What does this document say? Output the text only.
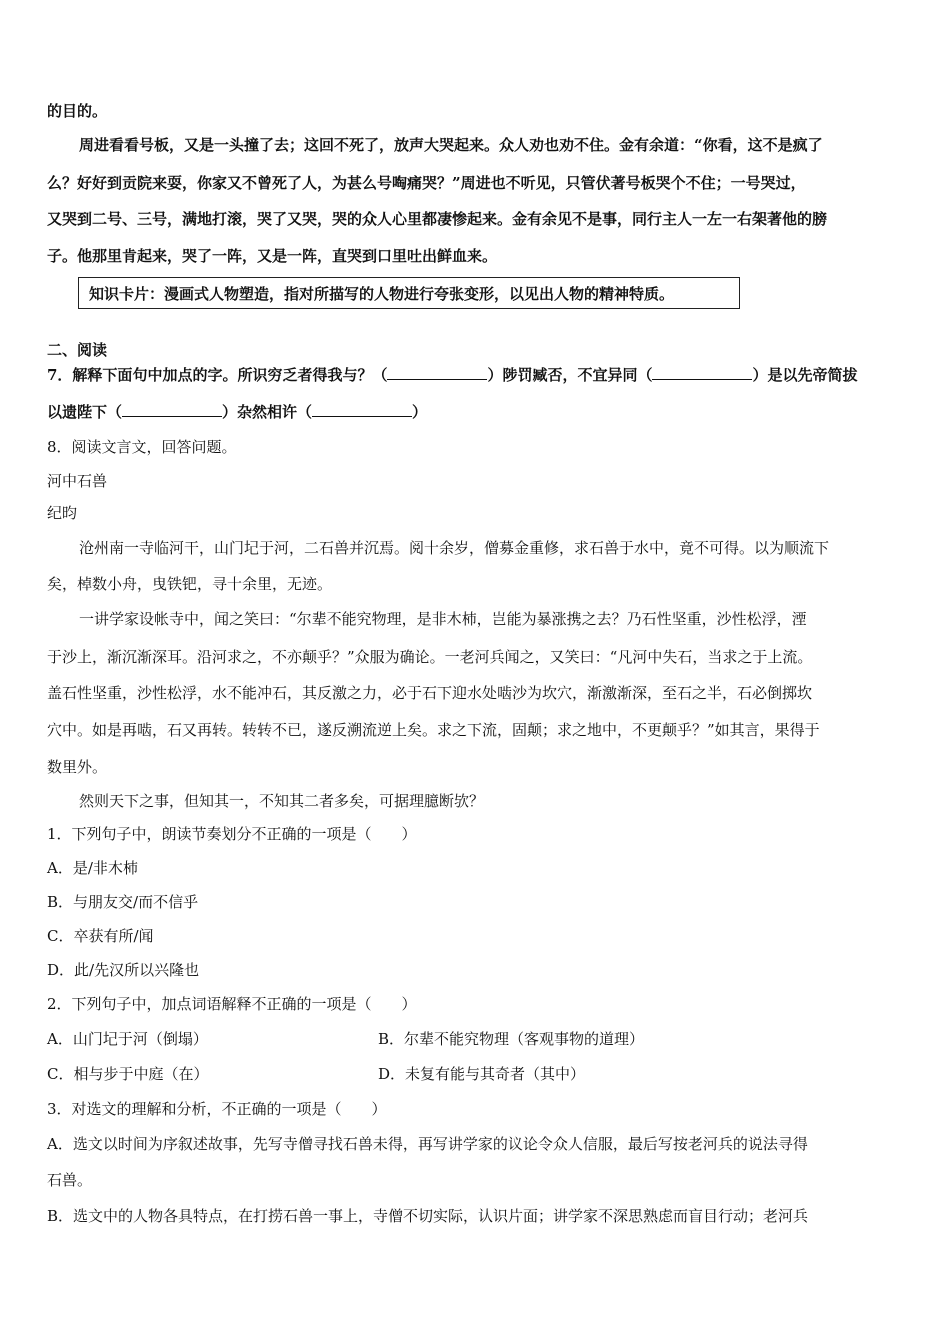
的目的。
周进看看号板，又是一头撞了去；这回不死了，放声大哭起来。众人劝也劝不住。金有余道：“你看，这不是疯了
么？好好到贡院来耍，你家又不曾死了人，为甚么号啕痛哭？”周进也不听见，只管伏著号板哭个不住；一号哭过，
又哭到二号、三号，满地打滚，哭了又哭，哭的众人心里都凄惨起来。金有余见不是事，同行主人一左一右架著他的膀
子。他那里肯起来，哭了一阵，又是一阵，直哭到口里吐出鲜血来。
知识卡片：漫画式人物塑造，指对所描写的人物进行夸张变形，以见出人物的精神特质。
二、阅读
7．解释下面句中加点的字。所识穷乏者得我与？（	）陟罚臧否，不宜异同（	）是以先帝简拔
以遗陛下（	）杂然相许（	）
8．阅读文言文，回答问题。
河中石兽
纪昀
沧州南一寺临河干，山门圮于河，二石兽并沉焉。阅十余岁，僧募金重修，求石兽于水中，竟不可得。以为顺流下
矣，棹数小舟，曳铁钯，寻十余里，无迹。
一讲学家设帐寺中，闻之笑曰：“尔辈不能究物理，是非木杮，岂能为暴涨携之去？乃石性坚重，沙性松浮，湮
于沙上，渐沉渐深耳。沿河求之，不亦颠乎？”众服为确论。一老河兵闻之，又笑曰：“凡河中失石，当求之于上流。
盖石性坚重，沙性松浮，水不能冲石，其反激之力，必于石下迎水处啮沙为坎穴，渐激渐深，至石之半，石必倒掷坎
穴中。如是再啮，石又再转。转转不已，遂反溯流逆上矣。求之下流，固颠；求之地中，不更颠乎？”如其言，果得于
数里外。
然则天下之事，但知其一，不知其二者多矣，可据理臆断欤？
1．下列句子中，朗读节奏划分不正确的一项是（　　）
A．是/非木杮
B．与朋友交/而不信乎
C．卒获有所/闻
D．此/先汉所以兴隆也
2．下列句子中，加点词语解释不正确的一项是（　　）
A．山门圮于河（倒塌）	B．尔辈不能究物理（客观事物的道理）
C．相与步于中庭（在）	D．未复有能与其奇者（其中）
3．对选文的理解和分析，不正确的一项是（　　）
A．选文以时间为序叙述故事，先写寺僧寻找石兽未得，再写讲学家的议论令众人信服，最后写按老河兵的说法寻得
石兽。
B．选文中的人物各具特点，在打捞石兽一事上，寺僧不切实际，认识片面；讲学家不深思熟虑而盲目行动；老河兵
